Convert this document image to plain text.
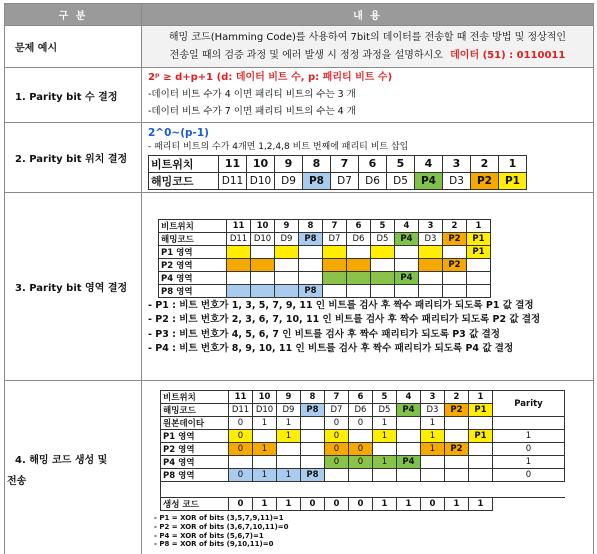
구 분	내 용
문제 예시	
해밍 코드(Hamming Code)를 사용하여 7bit의 데이터를 전송할 때 전송 방법 및 정상적인
전송일 때의 검증 과정 및 에러 발생 시 정정 과정을 설명하시오 데이터 (51) : 0110011

1. Parity bit 수 결정	
2ᵖ ≥ d+p+1 (d: 데이터 비트 수, p: 패리티 비트 수)
-데이터 비트 수가 4 이면 패리티 비트의 수는 3 개
-데이터 비트 수가 7 이면 패리티 비트의 수는 4 개

2. Parity bit 위치 결정	
2^0~(p-1)
- 패리티 비트의 수가 4개면 1,2,4,8 비트 번째에 패리티 비트 삽입
비트위치	11	10	9	8	7	6	5	4	3	2	1
해밍코드	D11	D10	D9	P8	D7	D6	D5	P4	D3	P2	P1

3. Parity bit 영역 결정	
비트위치	11	10	9	8	7	6	5	4	3	2	1
해밍코드	D11	D10	D9	P8	D7	D6	D5	P4	D3	P2	P1
P1 영역											P1
P2 영역										P2	
P4 영역								P4			
P8 영역				P8							
- P1 : 비트 번호가 1, 3, 5, 7, 9, 11 인 비트를 검사 후 짝수 패리티가 되도록 P1 값 결정
- P2 : 비트 번호가 2, 3, 6, 7, 10, 11 인 비트를 검사 후 짝수 패리티가 되도록 P2 값 결정
- P3 : 비트 번호가 4, 5, 6, 7 인 비트를 검사 후 짝수 패리티가 되도록 P3 값 결정
- P4 : 비트 번호가 8, 9, 10, 11 인 비트를 검사 후 짝수 패리티가 되도록 P4 값 결정

4. 해밍 코드 생성 및
전송

비트위치	11	10	9	8	7	6	5	4	3	2	1	Parity
해밍코드	D11	D10	D9	P8	D7	D6	D5	P4	D3	P2	P1
원본데이타	0	1	1		0	0	1		1			
P1 영역	0		1		0		1		1		P1	1
P2 영역	0	1			0	0			1	P2		0
P4 영역					0	0	1	P4				1
P8 영역	0	1	1	P8								0

생성 코드	0	1	1	0	0	0	1	1	0	1	1	
- P1 = XOR of bits (3,5,7,9,11)=1
- P2 = XOR of bits (3,6,7,10,11)=0
- P4 = XOR of bits (5,6,7)=1
- P8 = XOR of bits (9,10,11)=0
